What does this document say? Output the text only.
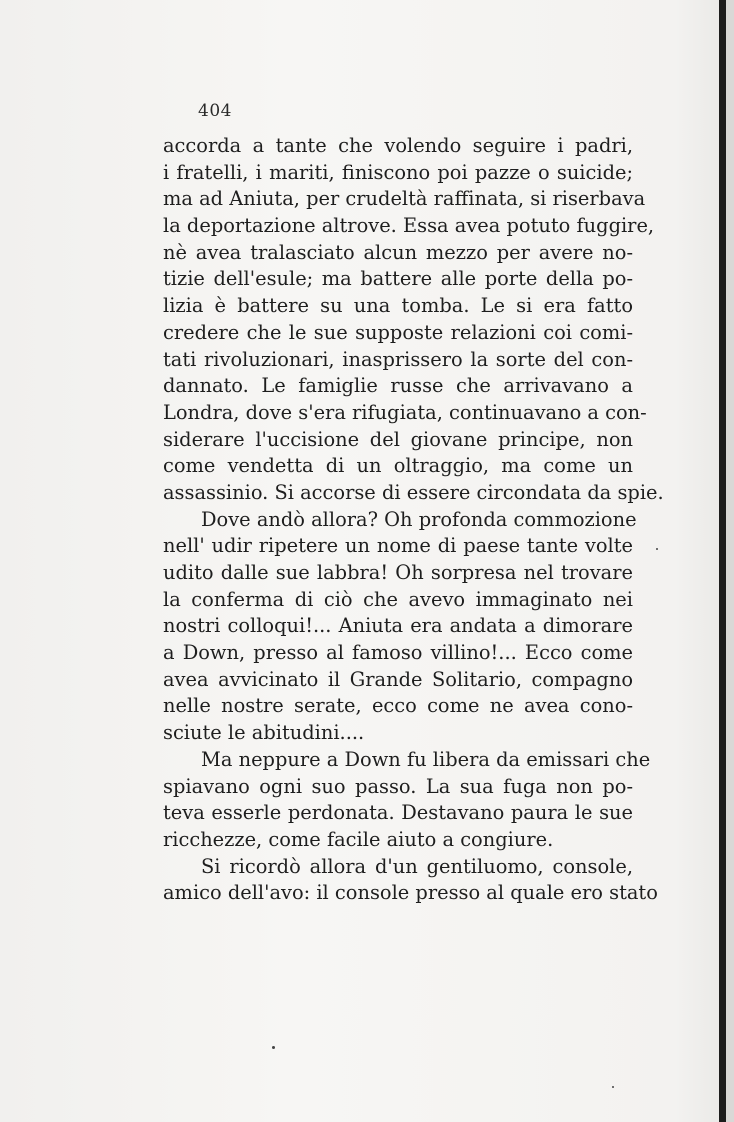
404
accorda a tante che volendo seguire i padri,
i fratelli, i mariti, finiscono poi pazze o suicide;
ma ad Aniuta, per crudeltà raffinata, si riserbava
la deportazione altrove. Essa avea potuto fuggire,
nè avea tralasciato alcun mezzo per avere no-
tizie dell'esule; ma battere alle porte della po-
lizia è battere su una tomba. Le si era fatto
credere che le sue supposte relazioni coi comi-
tati rivoluzionari, inasprissero la sorte del con-
dannato. Le famiglie russe che arrivavano a
Londra, dove s'era rifugiata, continuavano a con-
siderare l'uccisione del giovane principe, non
come vendetta di un oltraggio, ma come un
assassinio. Si accorse di essere circondata da spie.
Dove andò allora? Oh profonda commozione
nell' udir ripetere un nome di paese tante volte
udito dalle sue labbra! Oh sorpresa nel trovare
la conferma di ciò che avevo immaginato nei
nostri colloqui!... Aniuta era andata a dimorare
a Down, presso al famoso villino!... Ecco come
avea avvicinato il Grande Solitario, compagno
nelle nostre serate, ecco come ne avea cono-
sciute le abitudini....
Ma neppure a Down fu libera da emissari che
spiavano ogni suo passo. La sua fuga non po-
teva esserle perdonata. Destavano paura le sue
ricchezze, come facile aiuto a congiure.
Si ricordò allora d'un gentiluomo, console,
amico dell'avo: il console presso al quale ero stato
